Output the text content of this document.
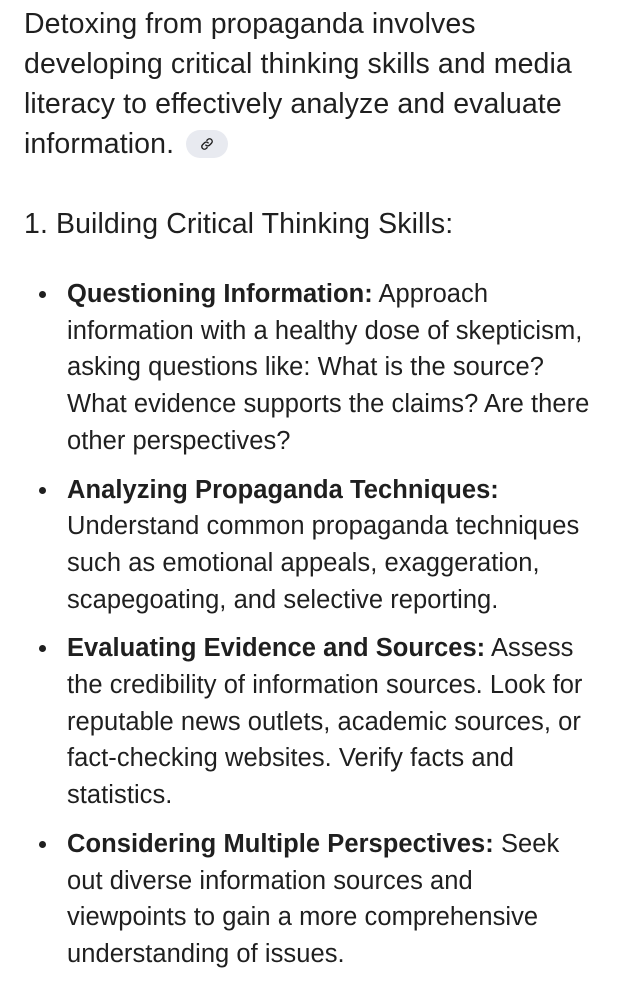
Detoxing from propaganda involves developing critical thinking skills and media literacy to effectively analyze and evaluate information.

1. Building Critical Thinking Skills:
Questioning Information: Approach information with a healthy dose of skepticism, asking questions like: What is the source? What evidence supports the claims? Are there other perspectives?
Analyzing Propaganda Techniques: Understand common propaganda techniques such as emotional appeals, exaggeration, scapegoating, and selective reporting.
Evaluating Evidence and Sources: Assess the credibility of information sources. Look for reputable news outlets, academic sources, or fact-checking websites. Verify facts and statistics.
Considering Multiple Perspectives: Seek out diverse information sources and viewpoints to gain a more comprehensive understanding of issues.
